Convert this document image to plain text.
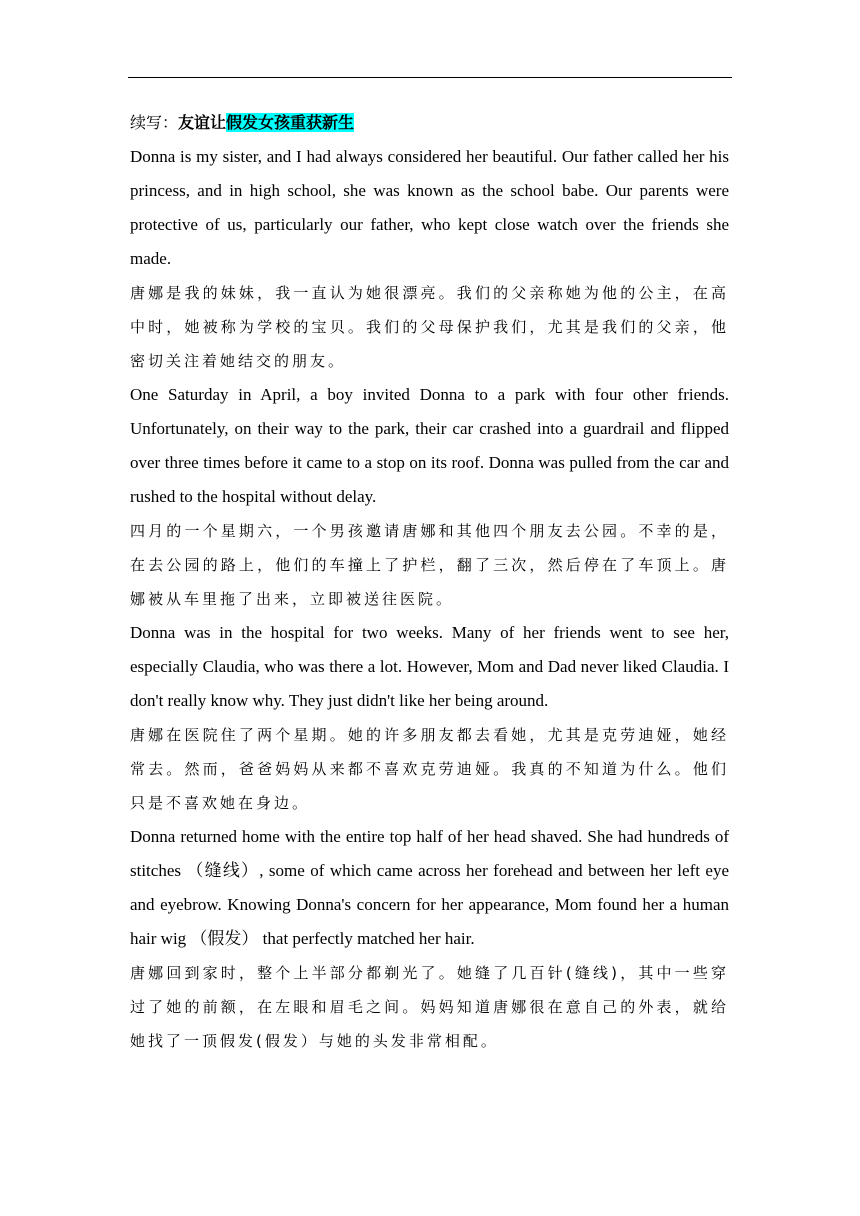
续写：友谊让假发女孩重获新生

Donna is my sister, and I had always considered her beautiful. Our father called her his princess, and in high school, she was known as the school babe. Our parents were protective of us, particularly our father, who kept close watch over the friends she made.

唐娜是我的妹妹，我一直认为她很漂亮。我们的父亲称她为他的公主，在高中时，她被称为学校的宝贝。我们的父母保护我们，尤其是我们的父亲，他密切关注着她结交的朋友。

One Saturday in April, a boy invited Donna to a park with four other friends. Unfortunately, on their way to the park, their car crashed into a guardrail and flipped over three times before it came to a stop on its roof. Donna was pulled from the car and rushed to the hospital without delay.

四月的一个星期六，一个男孩邀请唐娜和其他四个朋友去公园。不幸的是，在去公园的路上，他们的车撞上了护栏，翻了三次，然后停在了车顶上。唐娜被从车里拖了出来，立即被送往医院。

Donna was in the hospital for two weeks. Many of her friends went to see her, especially Claudia, who was there a lot. However, Mom and Dad never liked Claudia. I don't really know why. They just didn't like her being around.

唐娜在医院住了两个星期。她的许多朋友都去看她，尤其是克劳迪娅，她经常去。然而，爸爸妈妈从来都不喜欢克劳迪娅。我真的不知道为什么。他们只是不喜欢她在身边。

Donna returned home with the entire top half of her head shaved. She had hundreds of stitches （缝线）, some of which came across her forehead and between her left eye and eyebrow. Knowing Donna's concern for her appearance, Mom found her a human hair wig （假发） that perfectly matched her hair.

唐娜回到家时，整个上半部分都剃光了。她缝了几百针(缝线)，其中一些穿过了她的前额，在左眼和眉毛之间。妈妈知道唐娜很在意自己的外表，就给她找了一顶假发(假发）与她的头发非常相配。
